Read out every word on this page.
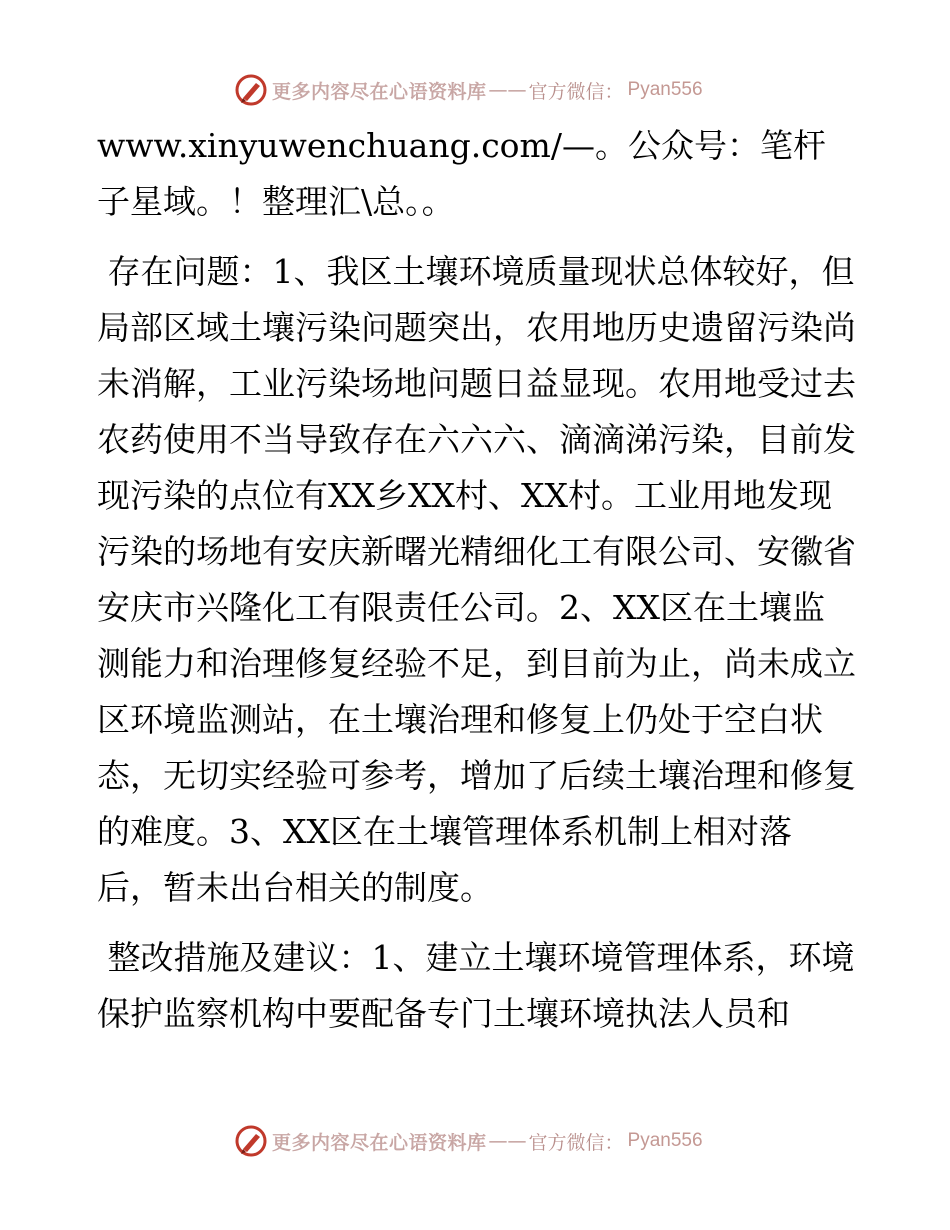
更多内容尽在心语资料库 —— 官方微信： Pyan556

www.xinyuwenchuang.com/—。公众号：笔杆子星域。！整理汇\总。。

存在问题：1、我区土壤环境质量现状总体较好，但局部区域土壤污染问题突出，农用地历史遗留污染尚未消解，工业污染场地问题日益显现。农用地受过去农药使用不当导致存在六六六、滴滴涕污染，目前发现污染的点位有XX乡XX村、XX村。工业用地发现污染的场地有安庆新曙光精细化工有限公司、安徽省安庆市兴隆化工有限责任公司。2、XX区在土壤监测能力和治理修复经验不足，到目前为止，尚未成立区环境监测站，在土壤治理和修复上仍处于空白状态，无切实经验可参考，增加了后续土壤治理和修复的难度。3、XX区在土壤管理体系机制上相对落后，暂未出台相关的制度。

整改措施及建议：1、建立土壤环境管理体系，环境保护监察机构中要配备专门土壤环境执法人员和

更多内容尽在心语资料库 —— 官方微信： Pyan556
